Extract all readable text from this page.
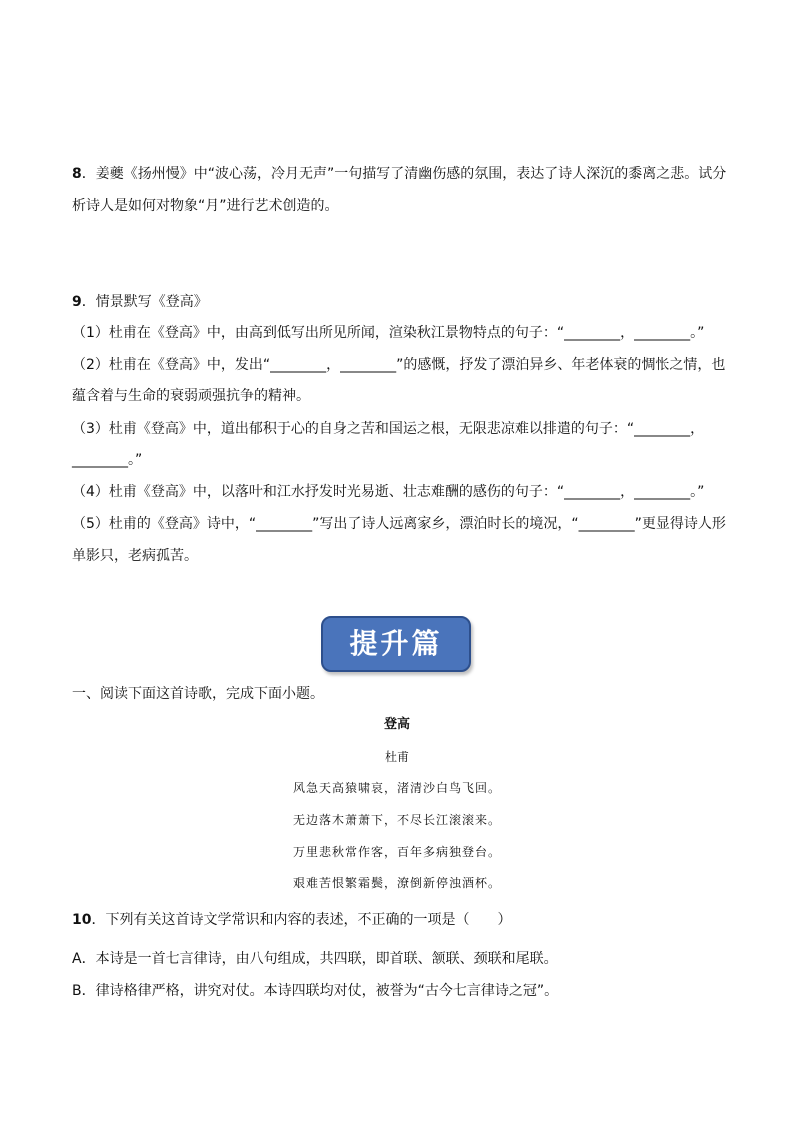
8．姜夔《扬州慢》中“波心荡，冷月无声”一句描写了清幽伤感的氛围，表达了诗人深沉的黍离之悲。试分
析诗人是如何对物象“月”进行艺术创造的。
9．情景默写《登高》
（1）杜甫在《登高》中，由高到低写出所见所闻，渲染秋江景物特点的句子：“________，________。”
（2）杜甫在《登高》中，发出“________，________”的感慨，抒发了漂泊异乡、年老体衰的惆怅之情，也
蕴含着与生命的衰弱顽强抗争的精神。
（3）杜甫《登高》中，道出郁积于心的自身之苦和国运之根，无限悲凉难以排遣的句子：“________，
________。”
（4）杜甫《登高》中，以落叶和江水抒发时光易逝、壮志难酬的感伤的句子：“________，________。”
（5）杜甫的《登高》诗中，“________”写出了诗人远离家乡，漂泊时长的境况，“________”更显得诗人形
单影只，老病孤苦。
提升篇
一、阅读下面这首诗歌，完成下面小题。
登高
杜甫
风急天高猿啸哀，渚清沙白鸟飞回。
无边落木萧萧下，不尽长江滚滚来。
万里悲秋常作客，百年多病独登台。
艰难苦恨繁霜鬓，潦倒新停浊酒杯。
10．下列有关这首诗文学常识和内容的表述，不正确的一项是（　　）
A．本诗是一首七言律诗，由八句组成，共四联，即首联、颔联、颈联和尾联。
B．律诗格律严格，讲究对仗。本诗四联均对仗，被誉为“古今七言律诗之冠”。
